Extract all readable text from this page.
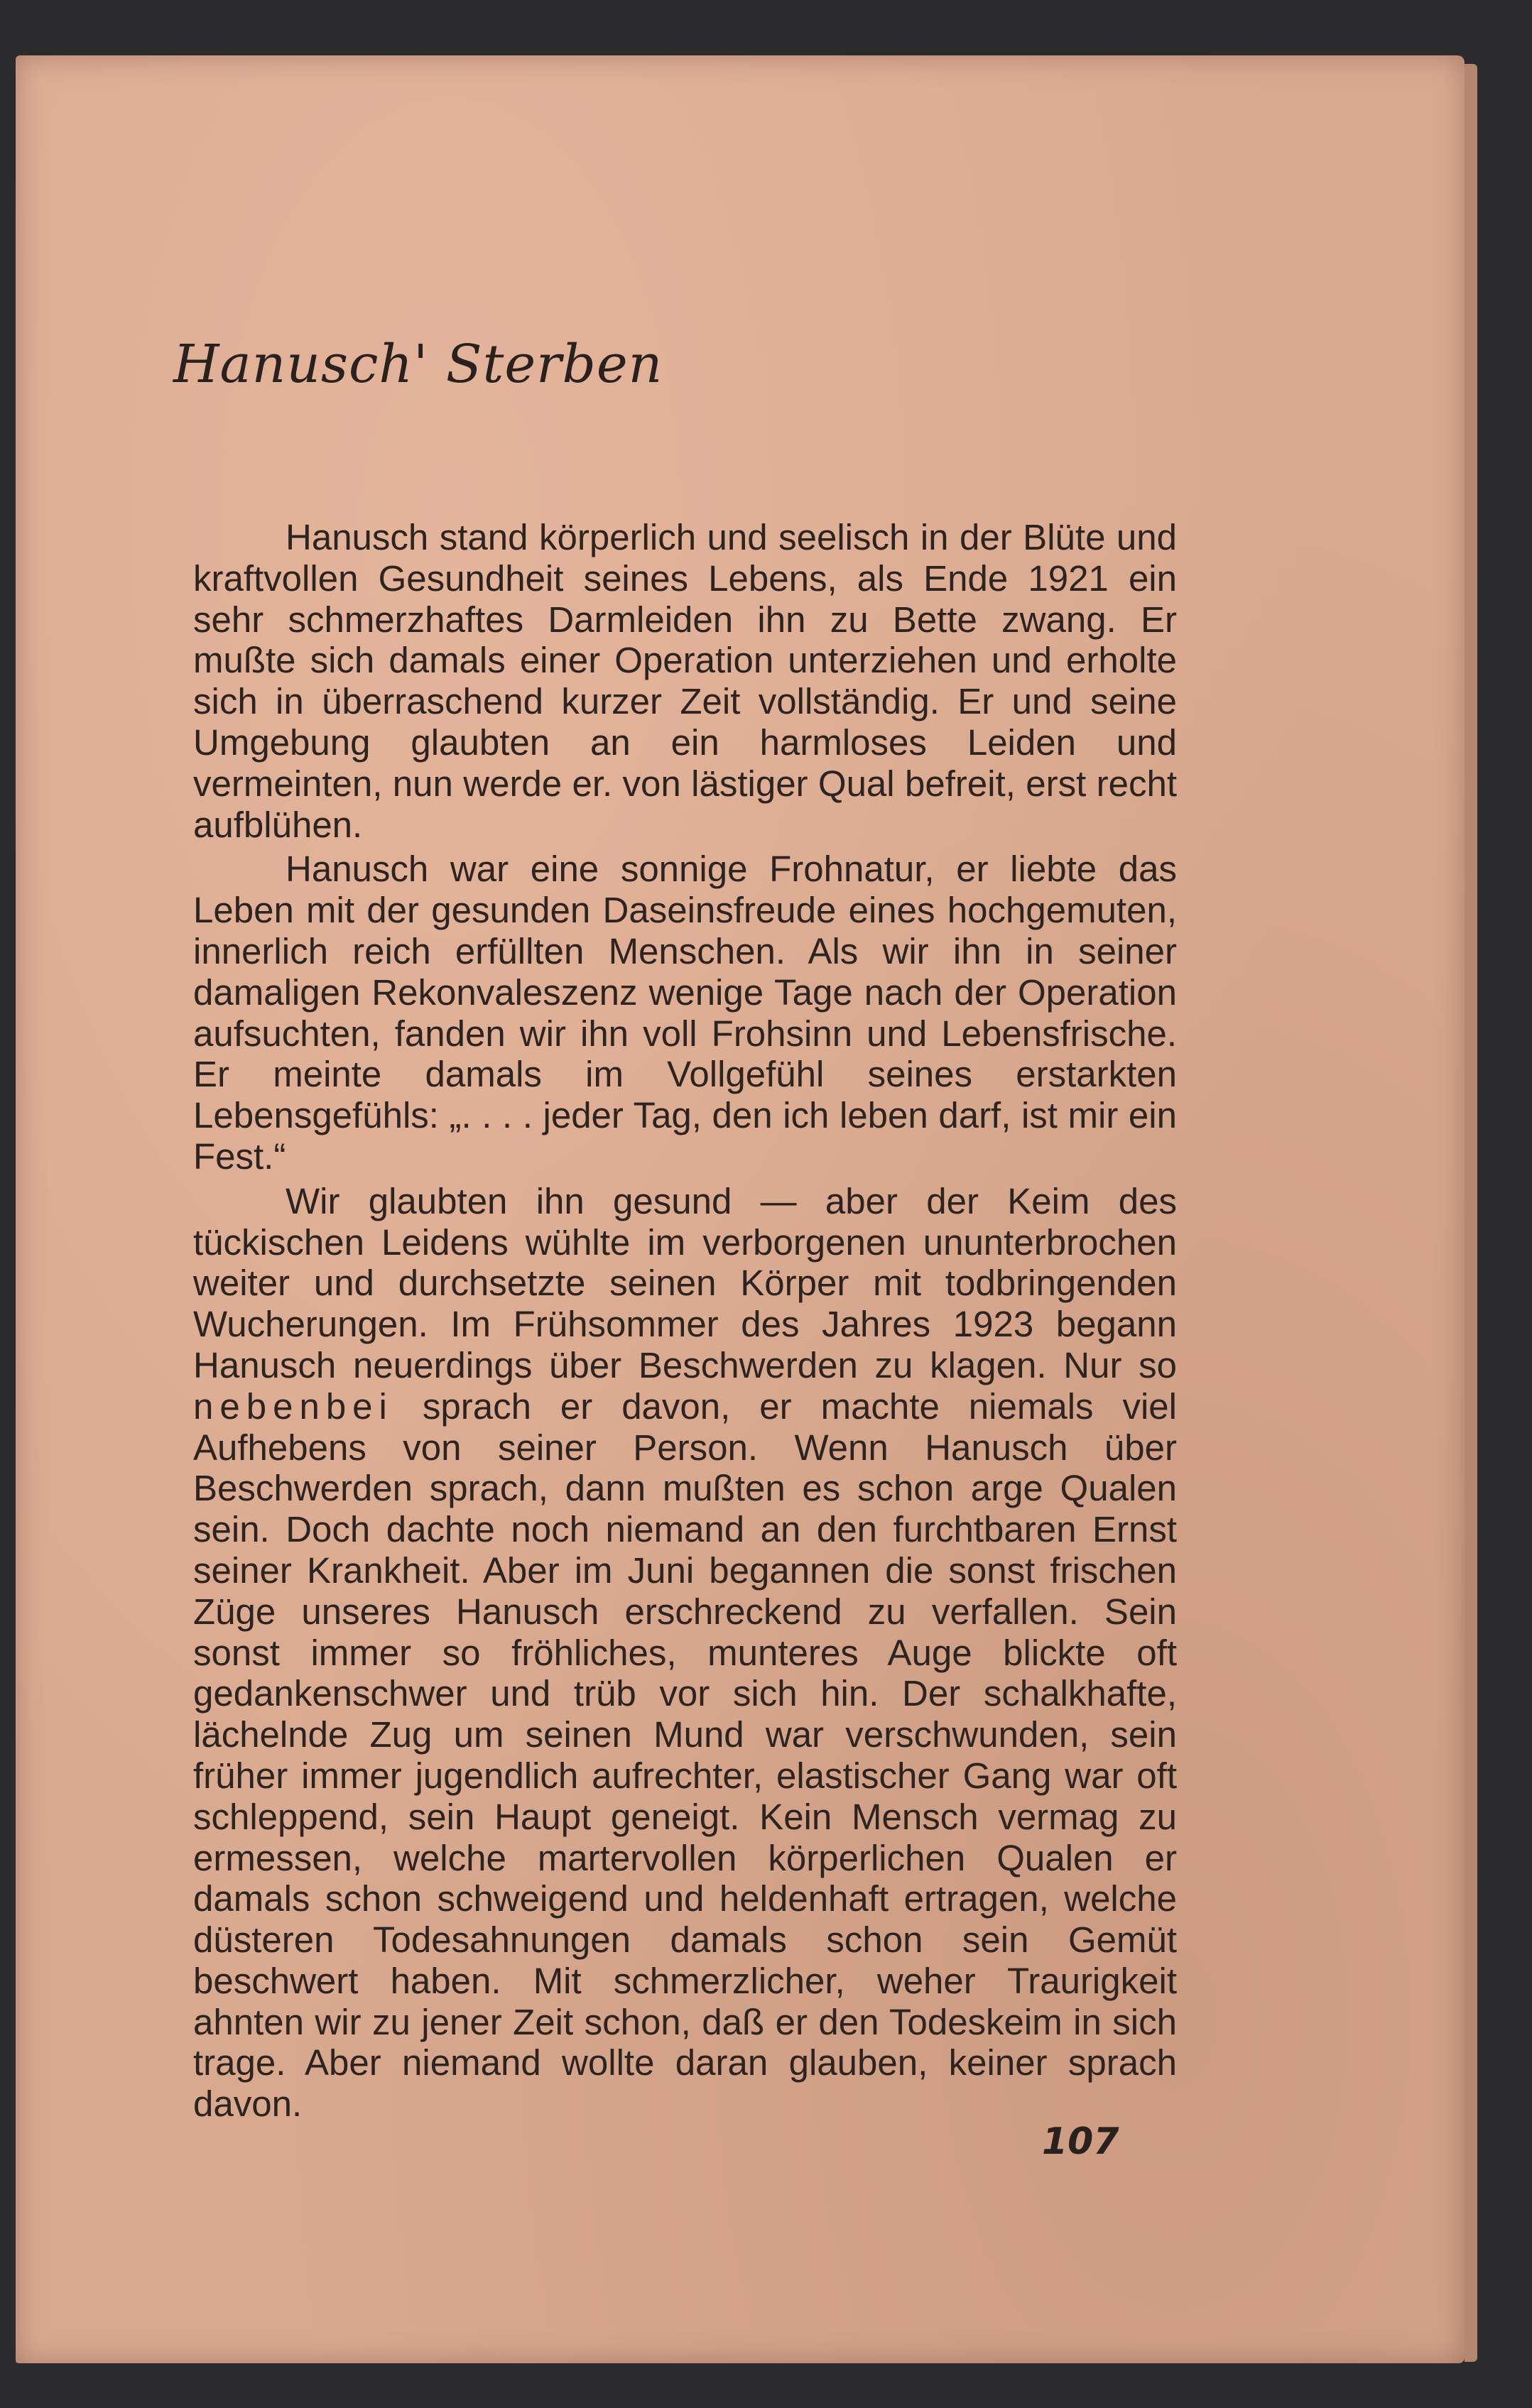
Hanusch' Sterben

Hanusch stand körperlich und seelisch in der Blüte und kraftvollen Gesundheit seines Lebens, als Ende 1921 ein sehr schmerzhaftes Darmleiden ihn zu Bette zwang. Er mußte sich damals einer Operation unterziehen und erholte sich in überraschend kurzer Zeit vollständig. Er und seine Umgebung glaubten an ein harmloses Leiden und vermeinten, nun werde er. von lästiger Qual befreit, erst recht aufblühen.

Hanusch war eine sonnige Frohnatur, er liebte das Leben mit der gesunden Daseinsfreude eines hochgemuten, innerlich reich erfüllten Menschen. Als wir ihn in seiner damaligen Rekonvaleszenz wenige Tage nach der Operation aufsuchten, fanden wir ihn voll Frohsinn und Lebensfrische. Er meinte damals im Vollgefühl seines erstarkten Lebensgefühls: „. . . . jeder Tag, den ich leben darf, ist mir ein Fest.“

Wir glaubten ihn gesund — aber der Keim des tückischen Leidens wühlte im verborgenen ununterbrochen weiter und durchsetzte seinen Körper mit todbringenden Wucherungen. Im Frühsommer des Jahres 1923 begann Hanusch neuerdings über Beschwerden zu klagen. Nur so nebenbei sprach er davon, er machte niemals viel Aufhebens von seiner Person. Wenn Hanusch über Beschwerden sprach, dann mußten es schon arge Qualen sein. Doch dachte noch niemand an den furchtbaren Ernst seiner Krankheit. Aber im Juni begannen die sonst frischen Züge unseres Hanusch erschreckend zu verfallen. Sein sonst immer so fröhliches, munteres Auge blickte oft gedankenschwer und trüb vor sich hin. Der schalkhafte, lächelnde Zug um seinen Mund war verschwunden, sein früher immer jugendlich aufrechter, elastischer Gang war oft schleppend, sein Haupt geneigt. Kein Mensch vermag zu ermessen, welche martervollen körperlichen Qualen er damals schon schweigend und heldenhaft ertragen, welche düsteren Todesahnungen damals schon sein Gemüt beschwert haben. Mit schmerzlicher, weher Traurigkeit ahnten wir zu jener Zeit schon, daß er den Todeskeim in sich trage. Aber niemand wollte daran glauben, keiner sprach davon.

107
